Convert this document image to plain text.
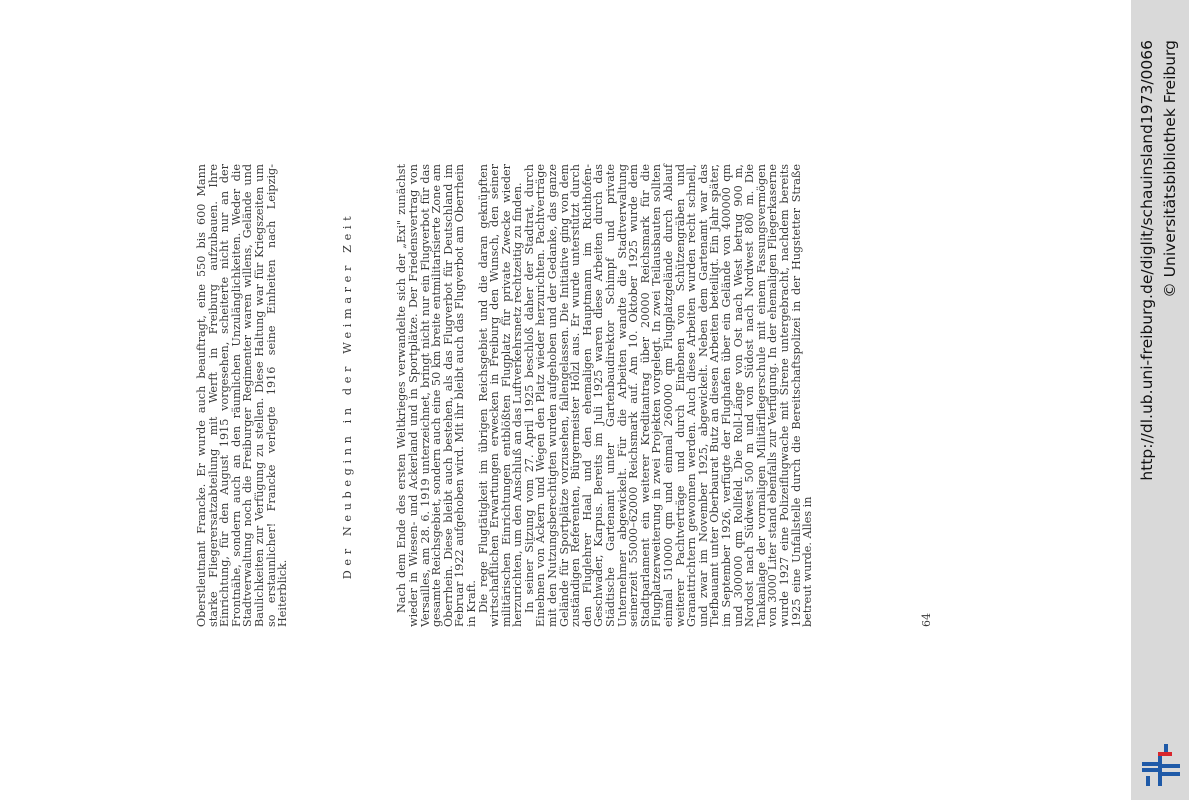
Oberstleutnant Francke. Er wurde auch beauftragt, eine 550 bis 600 Mann starke Fliegerersatzabteilung mit Werft in Freiburg aufzubauen. Ihre Einrichtung, für den August 1915 vorgesehen, scheiterte nicht nur an der Frontnähe, sondern auch an den räumlichen Unzulänglichkeiten. Weder die Stadtverwaltung noch die Freiburger Regimenter waren willens, Gelände und Baulichkeiten zur Verfügung zu stellen. Diese Haltung war für Kriegszeiten um so erstaunlicher! Francke verlegte 1916 seine Einheiten nach Leipzig-Heiterblick.

Der Neubeginn in der Weimarer Zeit	Nach dem Ende des ersten Weltkrieges verwandelte sich der „Exi" zunächst wieder in Wiesen- und Ackerland und in Sportplätze. Der Friedensvertrag von Versailles, am 28. 6. 1919 unterzeichnet, bringt nicht nur ein Flugverbot für das gesamte Reichsgebiet, sondern auch eine 50 km breite entmilitarisierte Zone am Oberrhein. Diese bleibt auch bestehen, als das Flugverbot für Deutschland im Februar 1922 aufgehoben wird. Mit ihr bleibt auch das Flugverbot am Oberrhein in Kraft.

Die rege Flugtätigkeit im übrigen Reichsgebiet und die daran geknüpften wirtschaftlichen Erwartungen erwecken in Freiburg den Wunsch, den seiner militärischen Einrichtungen entblößten Flugplatz für private Zwecke wieder herzurichten, um den Anschluß an das Luftverkehrsnetz rechtzeitig zu finden.

In seiner Sitzung vom 27. April 1925 beschloß daher der Stadtrat, durch Einebnen von Äckern und Wegen den Platz wieder herzurichten. Pachtverträge mit den Nutzungsberechtigten wurden aufgehoben und der Gedanke, das ganze Gelände für Sportplätze vorzusehen, fallengelassen. Die Initiative ging von dem zuständigen Referenten, Bürgermeister Hölzl aus. Er wurde unterstützt durch den Fluglehrer Haal und den ehemaligen Hauptmann im Richthofen-Geschwader, Karpus. Bereits im Juli 1925 waren diese Arbeiten durch das Städtische Gartenamt unter Gartenbaudirektor Schimpf und private Unternehmer abgewickelt. Für die Arbeiten wandte die Stadtverwaltung seinerzeit 55000–62000 Reichsmark auf. Am 10. Oktober 1925 wurde dem Stadtparlament ein weiterer Kreditantrag über 20000 Reichsmark für die Flugplatzerweiterung in zwei Projekten vorgelegt. In zwei Teilausbauten sollten einmal 510000 qm und einmal 260000 qm Flugplatzgelände durch Ablauf weiterer Pachtverträge und durch Einebnen von Schützengräben und Granattrichtern gewonnen werden. Auch diese Arbeiten wurden recht schnell, und zwar im November 1925, abgewickelt. Neben dem Gartenamt war das Tiefbauamt unter Oberbaurat Butz an diesen Arbeiten beteiligt. Ein Jahr später, im September 1926, verfügte der Flughafen über ein Gelände von 400000 qm und 300000 qm Rollfeld. Die Roll-Länge von Ost nach West betrug 900 m, Nordost nach Südwest 500 m und von Südost nach Nordwest 800 m. Die Tankanlage der vormaligen Militärfliegerschule mit einem Fassungsvermögen von 3000 Liter stand ebenfalls zur Verfügung. In der ehemaligen Fliegerkaserne wurde 1927 eine Polizeiflugwache mit Sirene untergebracht, nachdem bereits 1925 eine Unfallstelle durch die Bereitschaftspolizei in der Hugstetter Straße betreut wurde. Alles in	64
http://dl.ub.uni-freiburg.de/diglit/schauinsland1973/0066 © Universitätsbibliothek Freiburg
